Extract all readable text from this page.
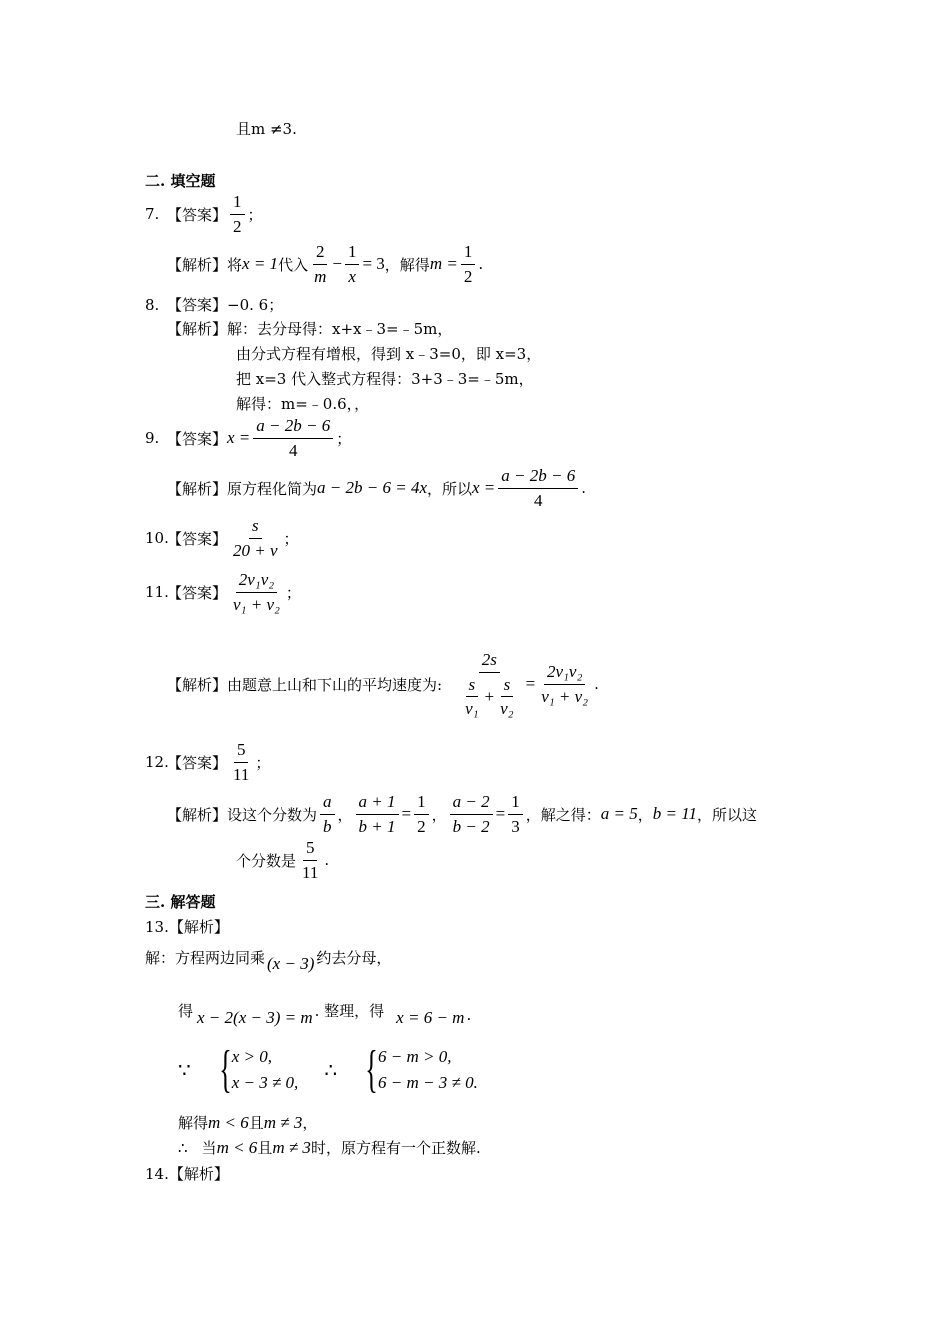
且m ≠3.
二. 填空题
7. 【答案】 $\frac{1}{2}$ ；
【解析】 将 x = 1 代入 $\frac{2}{m} - \frac{1}{x} = 3$ ，解得 $m = \frac{1}{2}$ .
8. 【答案】 −0. 6；
【解析】 解：去分母得：x+x﹣3=﹣5m，
由分式方程有增根，得到 x﹣3=0，即 x=3，
把 x=3 代入整式方程得：3+3﹣3=﹣5m，
解得：m=﹣0.6，，
9. 【答案】 $x = \frac{a - 2b - 6}{4}$ ；
【解析】 原方程化简为 a − 2b − 6 = 4x ，所以 $x = \frac{a - 2b - 6}{4}$ .
10.
【答案】 $\frac{s}{20 + v}$ ；
11.
【答案】 $\frac{\text{2v₁v₂}}{\text{v₁ + v₂}}$ ；
【解析】 由题意上山和下山的平均速度为: $\frac{2s}{\frac{s}{\text{v₁}} + \frac{s}{\text{v₂}}} = \frac{\text{2v₁v₂}}{\text{v₁ + v₂}}$ .
12.
【答案】 $\frac{5}{11}$ ；
【解析】 设这个分数为 $\frac{a}{b}$ ， $\frac{a + 1}{b + 1} = \frac{1}{2}$ ， $\frac{a - 2}{b - 2} = \frac{1}{3}$ ，解之得： a = 5 ， b = 11 ，所以这
个分数是 $\frac{5}{11}$ .
三. 解答题
13.【解析】
解：方程两边同乘 (x − 3) 约去分母，
得 x − 2(x − 3) = m . 整理，得 x = 6 − m .
∵ { x > 0,
x − 3 ≠ 0,
∴ { 6 − m > 0,
6 − m − 3 ≠ 0.
解得 m < 6 且 m ≠ 3 ，
∴ 当 m < 6 且 m ≠ 3 时，原方程有一个正数解.
14.【解析】
